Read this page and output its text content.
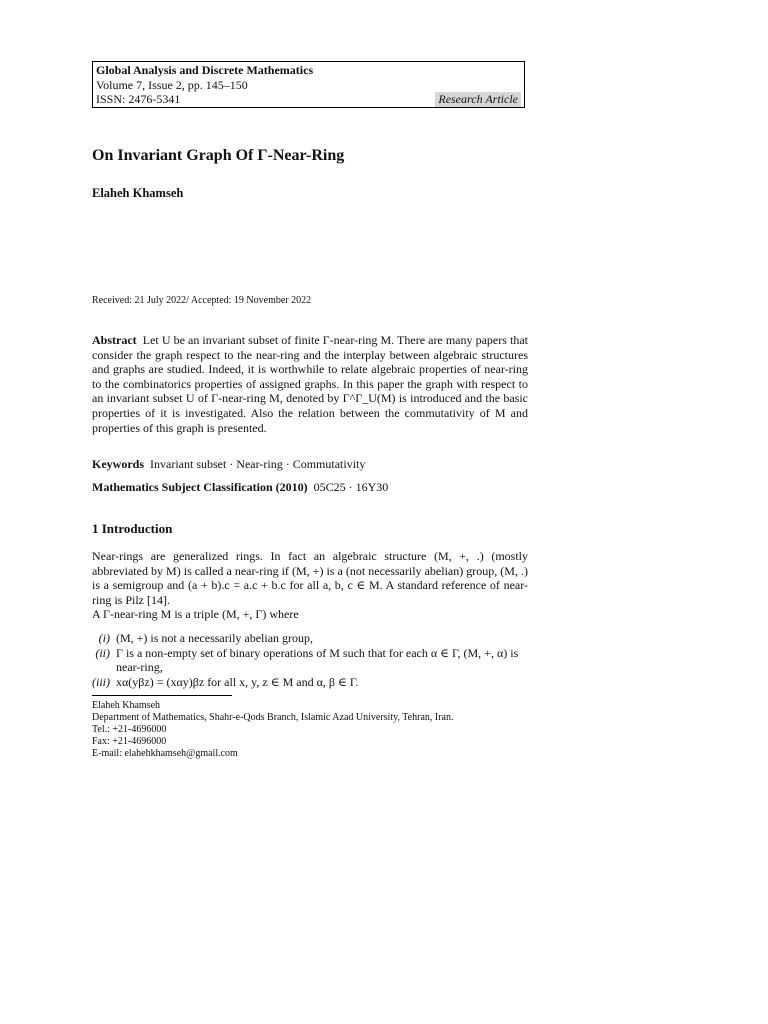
Global Analysis and Discrete Mathematics
Volume 7, Issue 2, pp. 145–150
ISSN: 2476-5341	Research Article
On Invariant Graph Of Γ-Near-Ring
Elaheh Khamseh
Received: 21 July 2022/ Accepted: 19 November 2022
Abstract Let U be an invariant subset of finite Γ-near-ring M. There are many papers that consider the graph respect to the near-ring and the interplay between algebraic structures and graphs are studied. Indeed, it is worthwhile to relate algebraic properties of near-ring to the combinatorics properties of assigned graphs. In this paper the graph with respect to an invariant subset U of Γ-near-ring M, denoted by Γ^Γ_U(M) is introduced and the basic properties of it is investigated. Also the relation between the commutativity of M and properties of this graph is presented.
Keywords Invariant subset · Near-ring · Commutativity
Mathematics Subject Classification (2010) 05C25 · 16Y30
1 Introduction

Near-rings are generalized rings. In fact an algebraic structure (M, +, .) (mostly abbreviated by M) is called a near-ring if (M, +) is a (not necessarily abelian) group, (M, .) is a semigroup and (a + b).c = a.c + b.c for all a, b, c ∈ M. A standard reference of near-ring is Pilz [14].

A Γ-near-ring M is a triple (M, +, Γ) where

(i) (M, +) is not a necessarily abelian group,
(ii) Γ is a non-empty set of binary operations of M such that for each α ∈ Γ, (M, +, α) is near-ring,
(iii) xα(yβz) = (xαy)βz for all x, y, z ∈ M and α, β ∈ Γ.
Elaheh Khamseh
Department of Mathematics, Shahr-e-Qods Branch, Islamic Azad University, Tehran, Iran.
Tel.: +21-4696000
Fax: +21-4696000
E-mail: elahehkhamseh@gmail.com
